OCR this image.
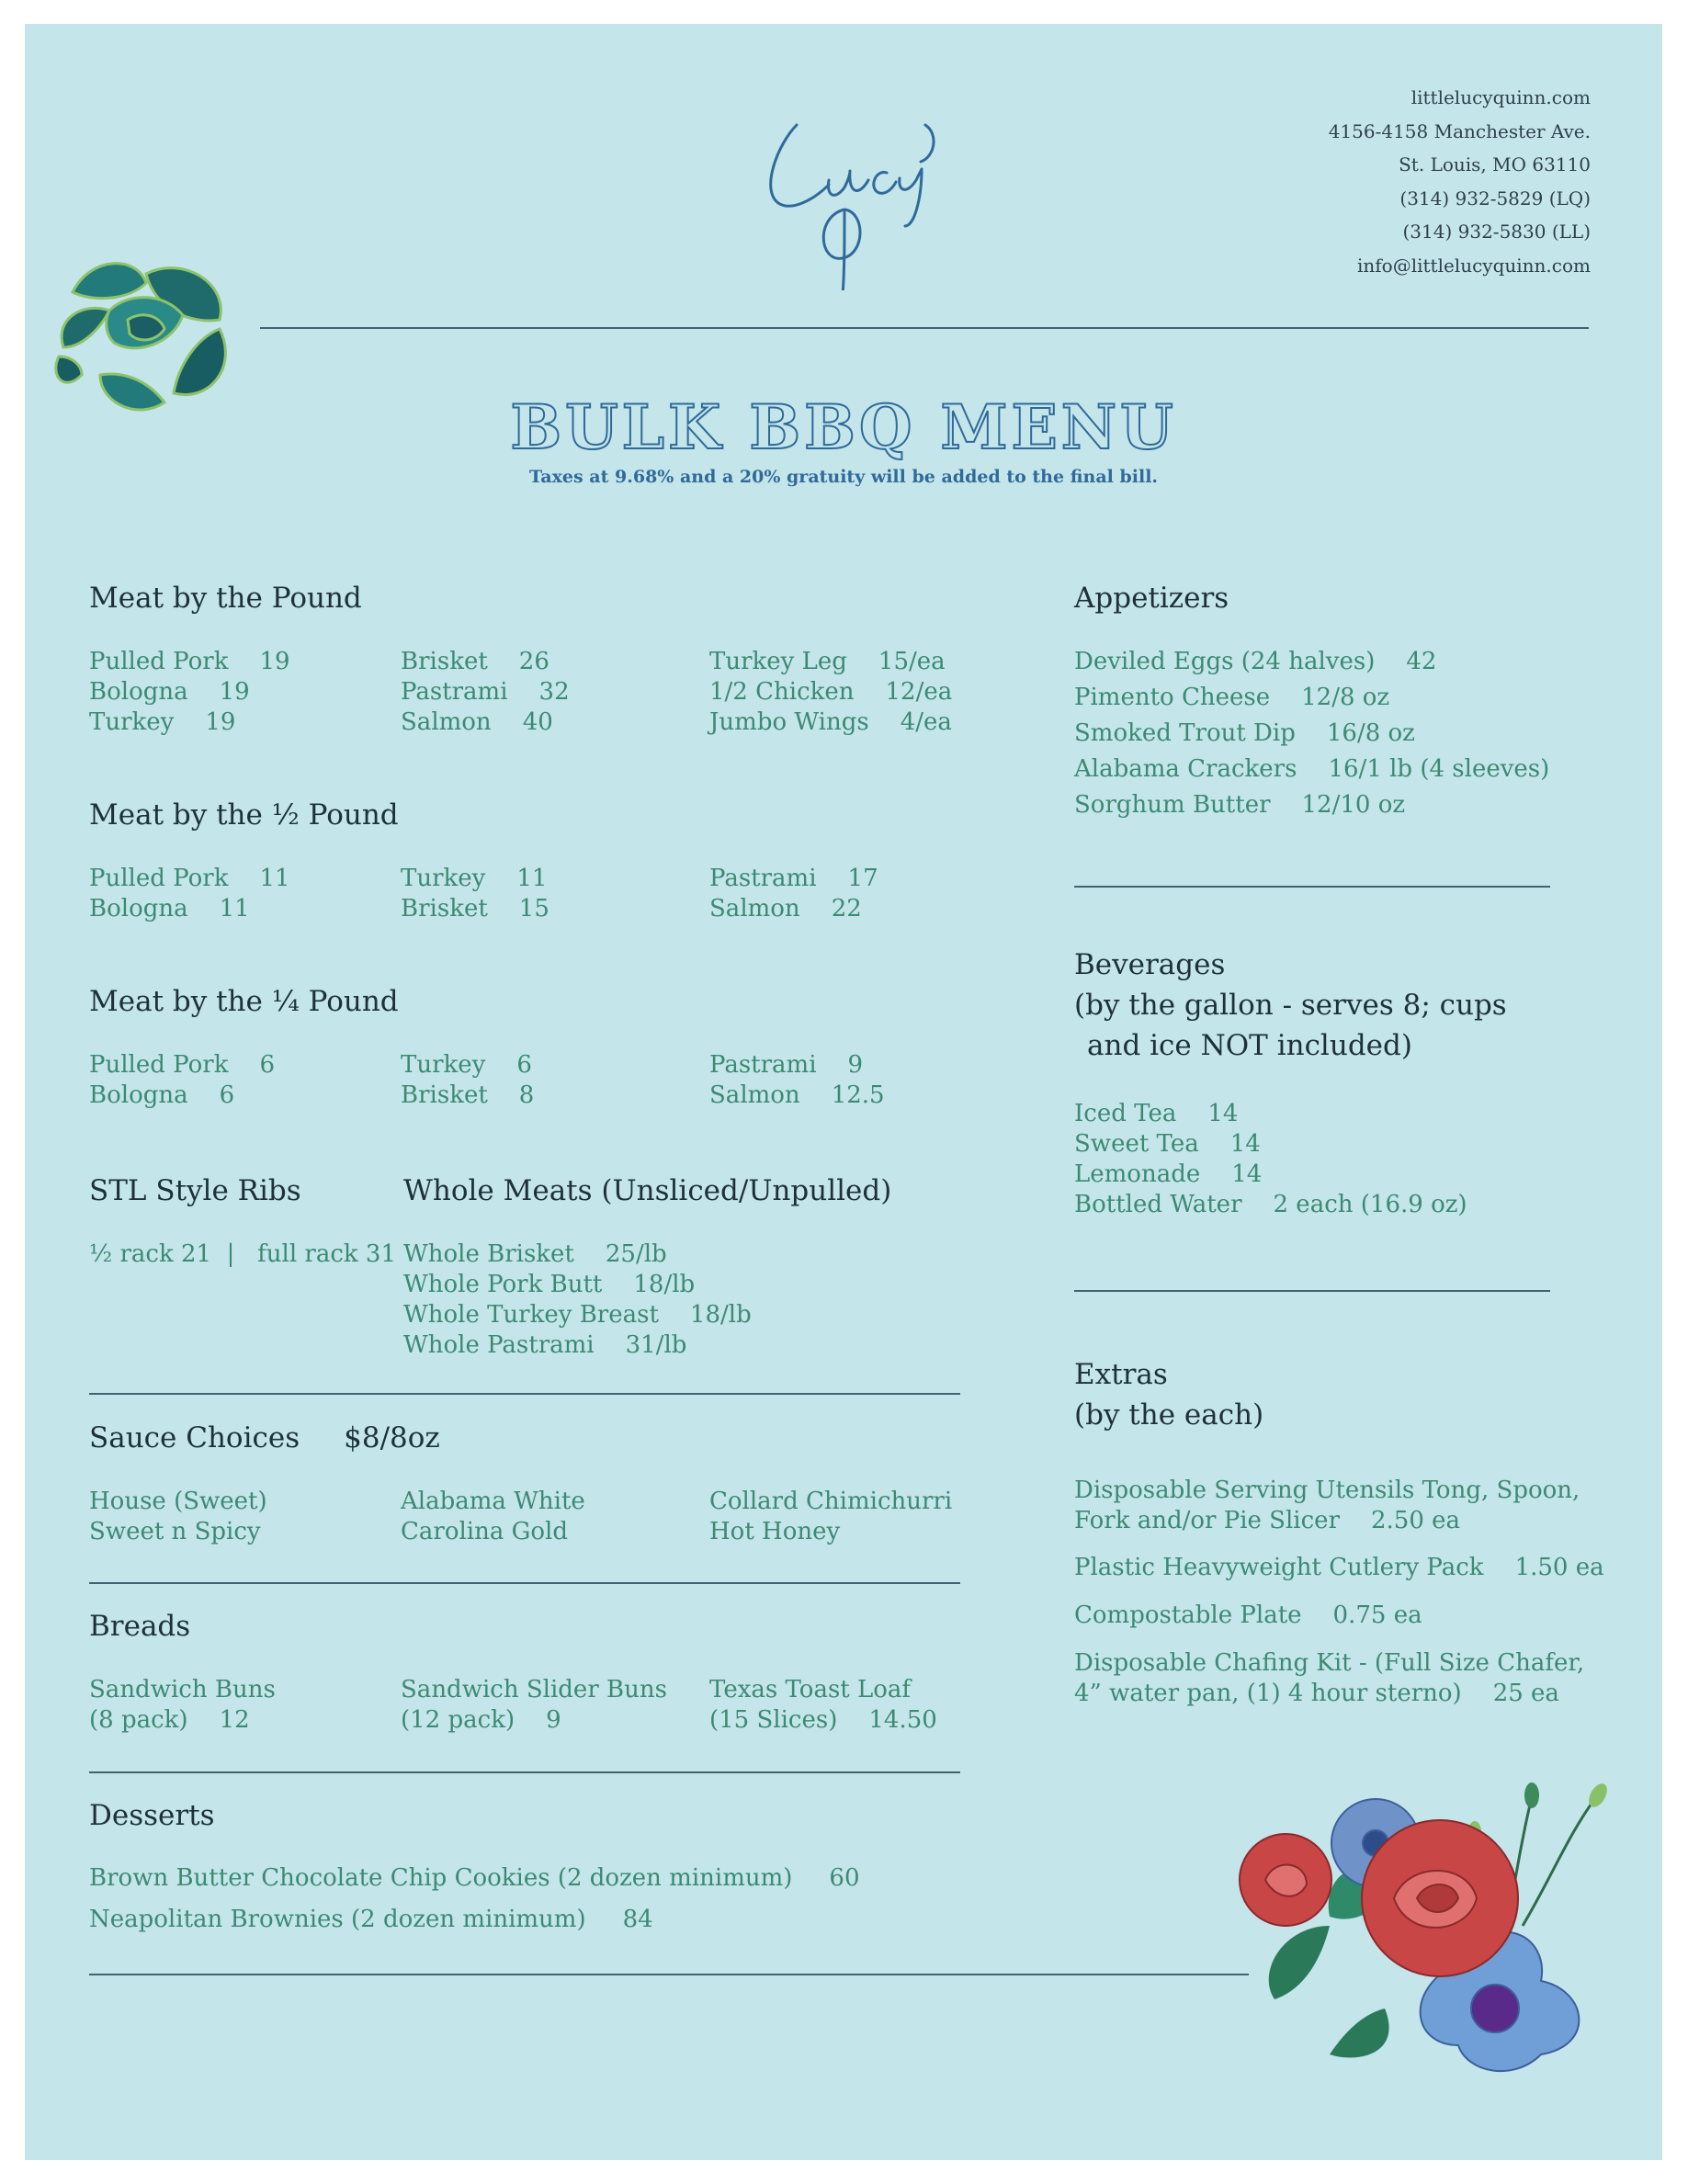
littlelucyquinn.com
4156-4158 Manchester Ave.
St. Louis, MO 63110
(314) 932-5829 (LQ)
(314) 932-5830 (LL)
info@littlelucyquinn.com
BULK BBQ MENU
Taxes at 9.68% and a 20% gratuity will be added to the final bill.
Meat by the Pound
Pulled Pork 19
Bologna 19
Turkey 19
Brisket 26
Pastrami 32
Salmon 40
Turkey Leg 15/ea
1/2 Chicken 12/ea
Jumbo Wings 4/ea
Meat by the ½ Pound
Pulled Pork 11
Bologna 11
Turkey 11
Brisket 15
Pastrami 17
Salmon 22
Meat by the ¼ Pound
Pulled Pork 6
Bologna 6
Turkey 6
Brisket 8
Pastrami 9
Salmon 12.5
STL Style Ribs
½ rack 21  |   full rack 31
Whole Meats (Unsliced/Unpulled)
Whole Brisket 25/lb
Whole Pork Butt 18/lb
Whole Turkey Breast 18/lb
Whole Pastrami 31/lb
Sauce Choices $8/8oz
House (Sweet)
Sweet n Spicy
Alabama White
Carolina Gold
Collard Chimichurri
Hot Honey
Breads
Sandwich Buns
(8 pack) 12
Sandwich Slider Buns
(12 pack) 9
Texas Toast Loaf
(15 Slices) 14.50
Desserts
Brown Butter Chocolate Chip Cookies (2 dozen minimum) 60
Neapolitan Brownies (2 dozen minimum) 84
Appetizers
Deviled Eggs (24 halves) 42
Pimento Cheese 12/8 oz
Smoked Trout Dip 16/8 oz
Alabama Crackers 16/1 lb (4 sleeves)
Sorghum Butter 12/10 oz
Beverages
(by the gallon - serves 8; cups
and ice NOT included)
Iced Tea 14
Sweet Tea 14
Lemonade 14
Bottled Water 2 each (16.9 oz)
Extras
(by the each)
Disposable Serving Utensils Tong, Spoon,
Fork and/or Pie Slicer 2.50 ea
Plastic Heavyweight Cutlery Pack 1.50 ea
Compostable Plate 0.75 ea
Disposable Chafing Kit - (Full Size Chafer,
4” water pan, (1) 4 hour sterno) 25 ea
